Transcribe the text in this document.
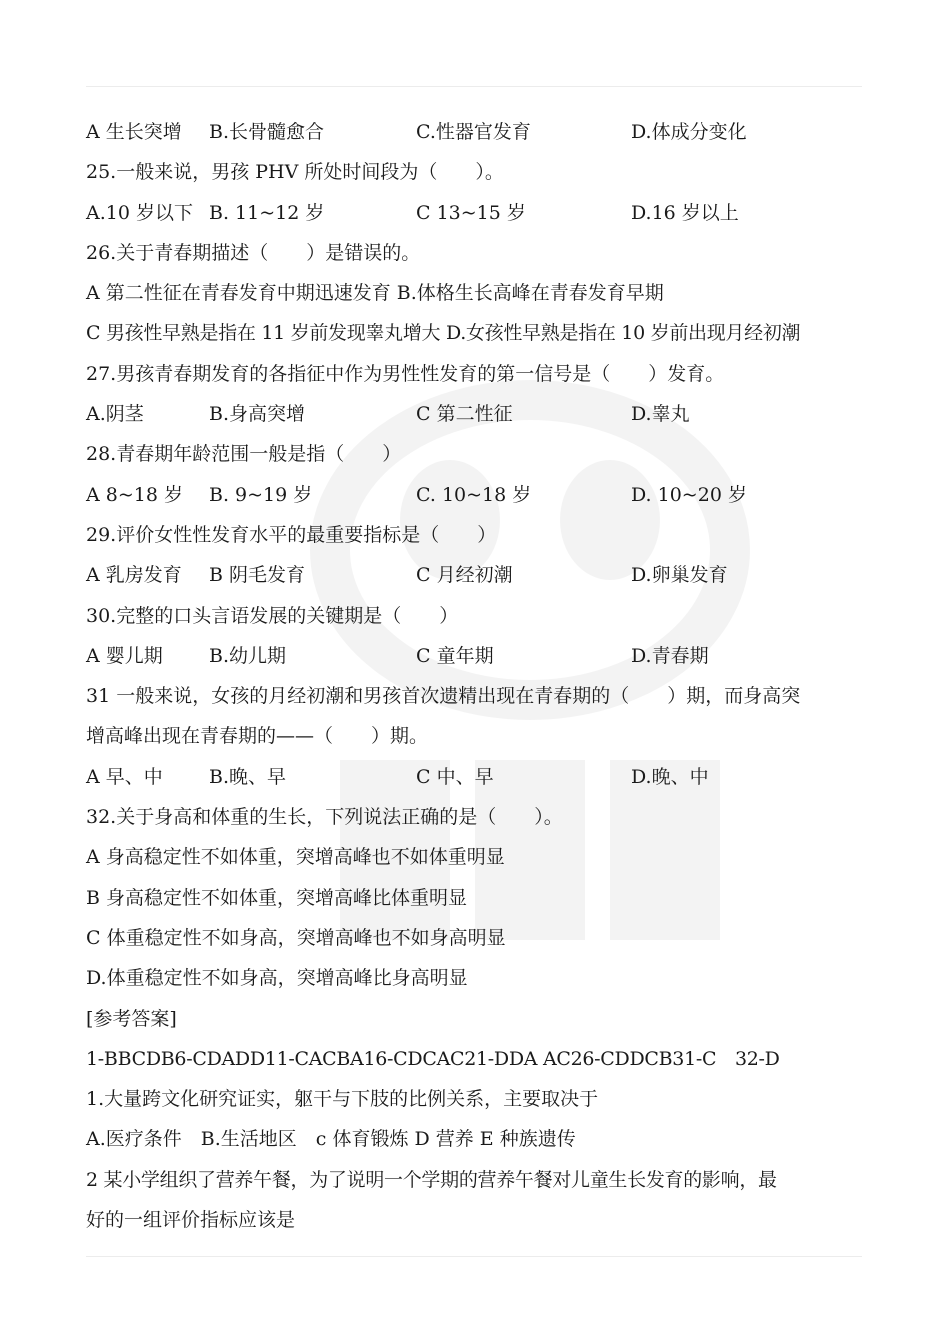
A 生长突增 B.长骨髓愈合	C.性器官发育	D.体成分变化
25.一般来说，男孩 PHV 所处时间段为（　　）。
A.10 岁以下 B. 11~12 岁	C 13~15 岁	D.16 岁以上
26.关于青春期描述（　　）是错误的。
A 第二性征在青春发育中期迅速发育 B.体格生长高峰在青春发育早期
C 男孩性早熟是指在 11 岁前发现睾丸增大 D.女孩性早熟是指在 10 岁前出现月经初潮
27.男孩青春期发育的各指征中作为男性性发育的第一信号是（　　）发育。
A.阴茎	B.身高突增	C 第二性征	D.睾丸
28.青春期年龄范围一般是指（　　）
A 8~18 岁 B. 9~19 岁	C. 10~18 岁	D. 10~20 岁
29.评价女性性发育水平的最重要指标是（　　）
A 乳房发育 B 阴毛发育	C 月经初潮	D.卵巢发育
30.完整的口头言语发展的关键期是（　　）
A 婴儿期 B.幼儿期	C 童年期	D.青春期
31 一般来说，女孩的月经初潮和男孩首次遗精出现在青春期的（　　）期，而身高突
增高峰出现在青春期的——（　　）期。
A 早、中 B.晚、早	C 中、早	D.晚、中
32.关于身高和体重的生长，下列说法正确的是（　　）。
A 身高稳定性不如体重，突增高峰也不如体重明显
B 身高稳定性不如体重，突增高峰比体重明显
C 体重稳定性不如身高，突增高峰也不如身高明显
D.体重稳定性不如身高，突增高峰比身高明显
[参考答案]
1-BBCDB6-CDADD11-CACBA16-CDCAC21-DDA AC26-CDDCB31-C　32-D
1.大量跨文化研究证实，躯干与下肢的比例关系，主要取决于
A.医疗条件　B.生活地区　c 体育锻炼 D 营养 E 种族遗传
2 某小学组织了营养午餐，为了说明一个学期的营养午餐对儿童生长发育的影响，最
好的一组评价指标应该是
